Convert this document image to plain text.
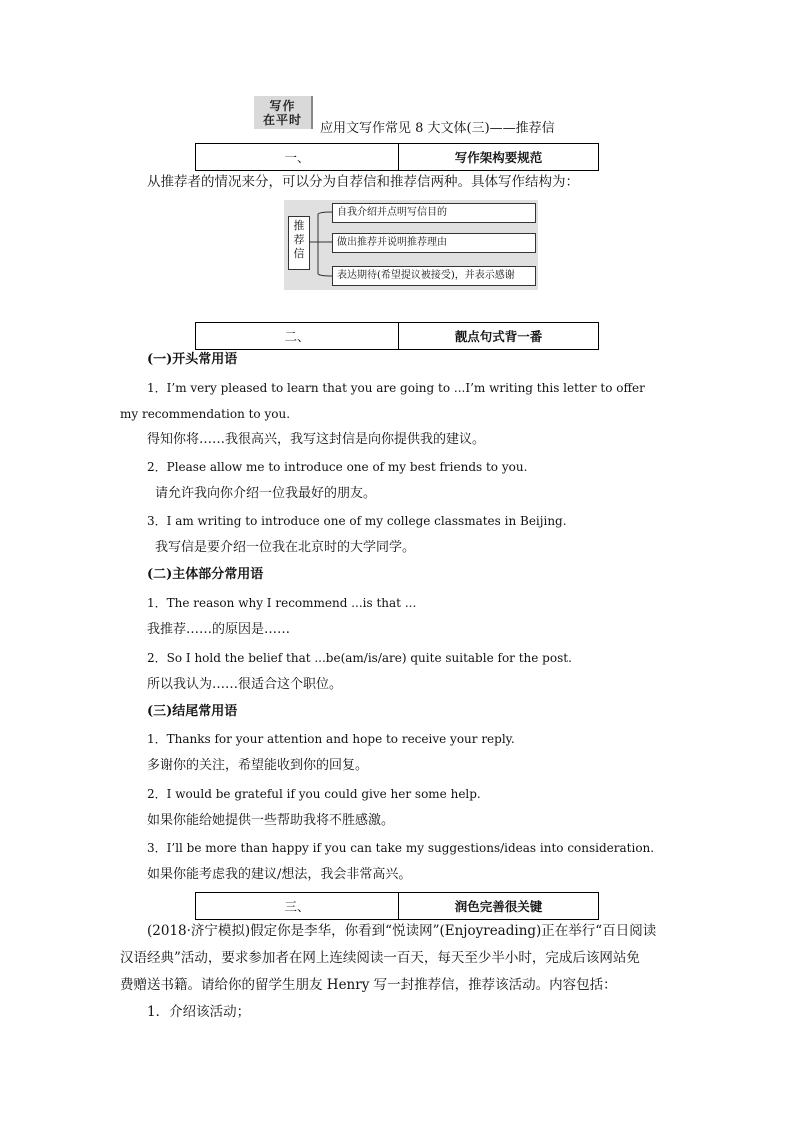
写作
在平时
应用文写作常见 8 大文体(三)——推荐信
一、	写作架构要规范
从推荐者的情况来分，可以分为自荐信和推荐信两种。具体写作结构为：
推
荐
信
自我介绍并点明写信目的
做出推荐并说明推荐理由
表达期待(希望提议被接受)，并表示感谢
二、	靓点句式背一番
(一)开头常用语
1．I’m very pleased to learn that you are going to ...I’m writing this letter to offer
my recommendation to you.
得知你将……我很高兴，我写这封信是向你提供我的建议。
2．Please allow me to introduce one of my best friends to you.
请允许我向你介绍一位我最好的朋友。
3．I am writing to introduce one of my college classmates in Beijing.
我写信是要介绍一位我在北京时的大学同学。
(二)主体部分常用语
1．The reason why I recommend ...is that ...
我推荐……的原因是……
2．So I hold the belief that ...be(am/is/are) quite suitable for the post.
所以我认为……很适合这个职位。
(三)结尾常用语
1．Thanks for your attention and hope to receive your reply.
多谢你的关注，希望能收到你的回复。
2．I would be grateful if you could give her some help.
如果你能给她提供一些帮助我将不胜感激。
3．I’ll be more than happy if you can take my suggestions/ideas into consideration.
如果你能考虑我的建议/想法，我会非常高兴。
三、	润色完善很关键
(2018·济宁模拟)假定你是李华，你看到“悦读网”(Enjoyreading)正在举行“百日阅读
汉语经典”活动，要求参加者在网上连续阅读一百天，每天至少半小时，完成后该网站免
费赠送书籍。请给你的留学生朋友 Henry 写一封推荐信，推荐该活动。内容包括：
1．介绍该活动；
